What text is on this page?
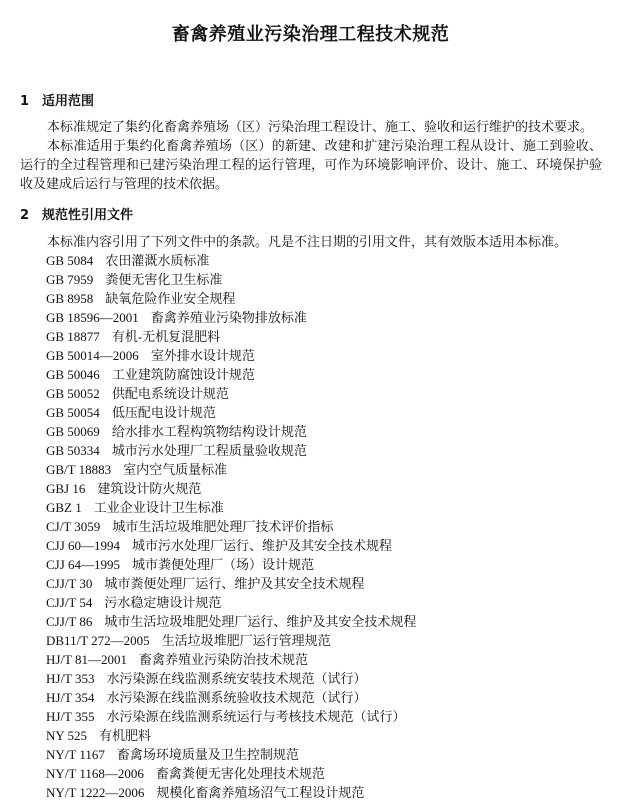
畜禽养殖业污染治理工程技术规范
1 适用范围
本标准规定了集约化畜禽养殖场（区）污染治理工程设计、施工、验收和运行维护的技术要求。
本标准适用于集约化畜禽养殖场（区）的新建、改建和扩建污染治理工程从设计、施工到验收、运行的全过程管理和已建污染治理工程的运行管理，可作为环境影响评价、设计、施工、环境保护验收及建成后运行与管理的技术依据。
2 规范性引用文件
本标准内容引用了下列文件中的条款。凡是不注日期的引用文件，其有效版本适用本标准。
GB 5084 农田灌溉水质标准
GB 7959 粪便无害化卫生标准
GB 8958 缺氧危险作业安全规程
GB 18596—2001 畜禽养殖业污染物排放标准
GB 18877 有机-无机复混肥料
GB 50014—2006 室外排水设计规范
GB 50046 工业建筑防腐蚀设计规范
GB 50052 供配电系统设计规范
GB 50054 低压配电设计规范
GB 50069 给水排水工程构筑物结构设计规范
GB 50334 城市污水处理厂工程质量验收规范
GB/T 18883 室内空气质量标准
GBJ 16 建筑设计防火规范
GBZ 1 工业企业设计卫生标准
CJ/T 3059 城市生活垃圾堆肥处理厂技术评价指标
CJJ 60—1994 城市污水处理厂运行、维护及其安全技术规程
CJJ 64—1995 城市粪便处理厂（场）设计规范
CJJ/T 30 城市粪便处理厂运行、维护及其安全技术规程
CJJ/T 54 污水稳定塘设计规范
CJJ/T 86 城市生活垃圾堆肥处理厂运行、维护及其安全技术规程
DB11/T 272—2005 生活垃圾堆肥厂运行管理规范
HJ/T 81—2001 畜禽养殖业污染防治技术规范
HJ/T 353 水污染源在线监测系统安装技术规范（试行）
HJ/T 354 水污染源在线监测系统验收技术规范（试行）
HJ/T 355 水污染源在线监测系统运行与考核技术规范（试行）
NY 525 有机肥料
NY/T 1167 畜禽场环境质量及卫生控制规范
NY/T 1168—2006 畜禽粪便无害化处理技术规范
NY/T 1222—2006 规模化畜禽养殖场沼气工程设计规范
